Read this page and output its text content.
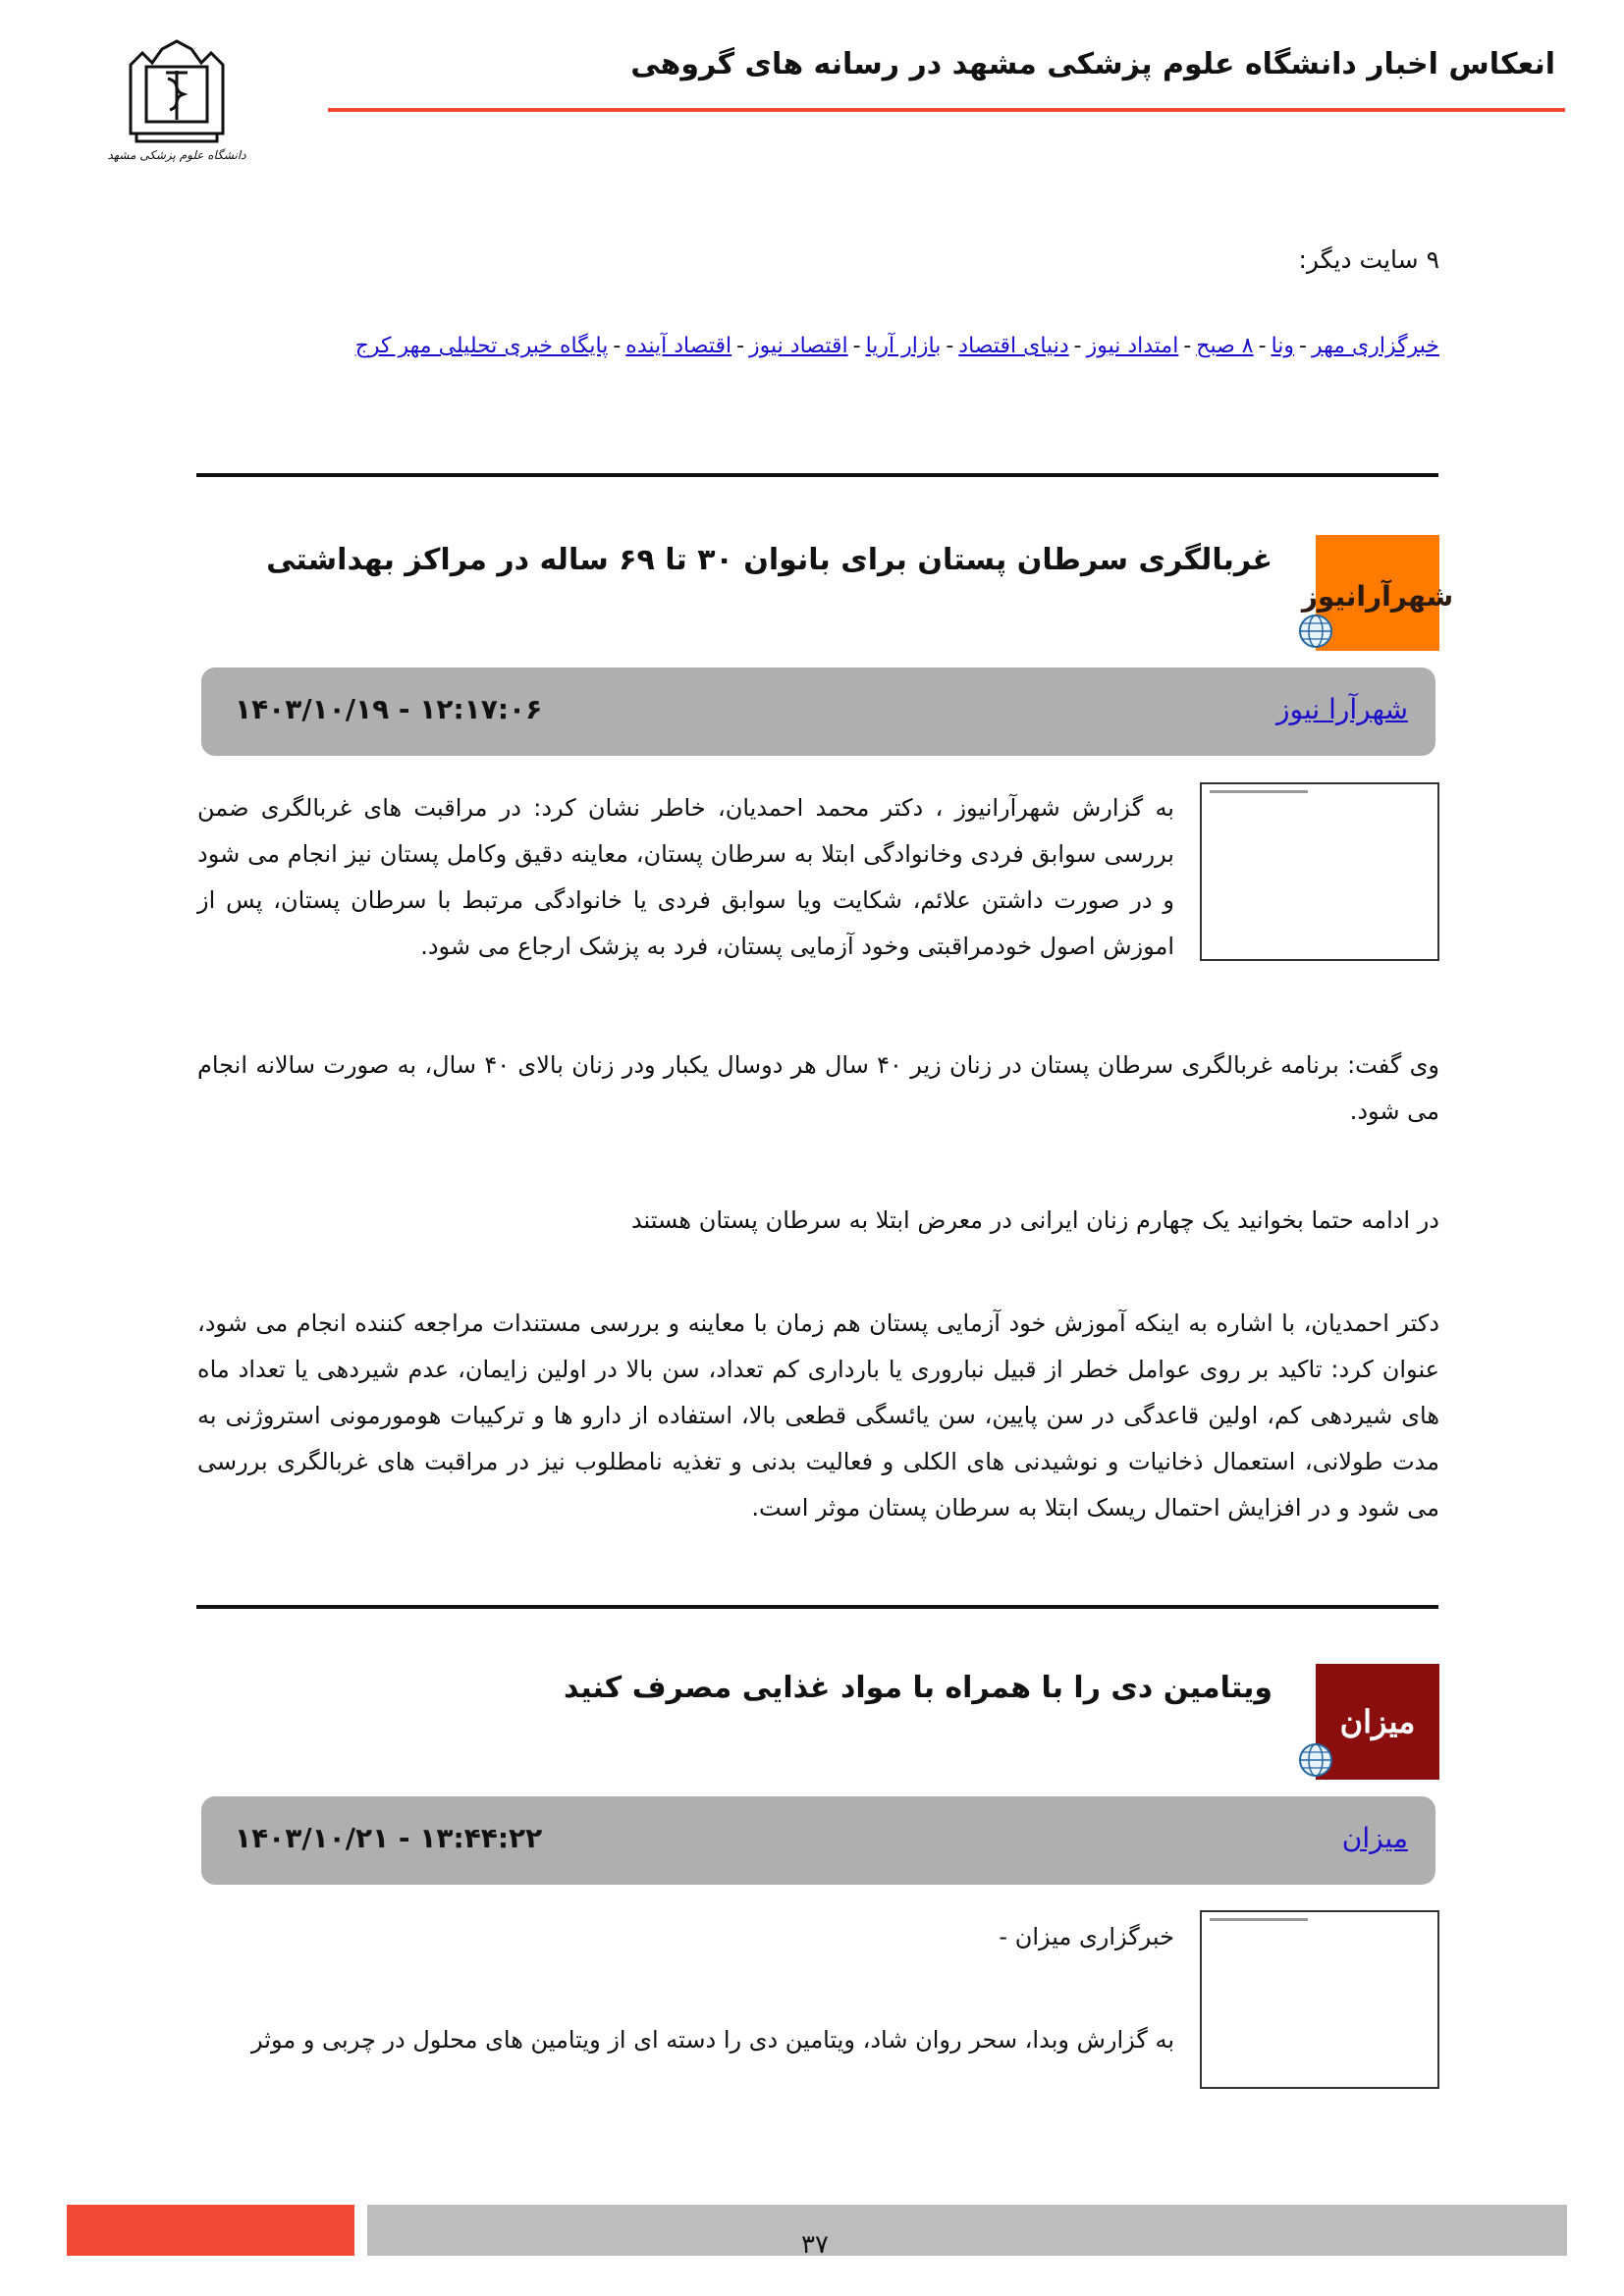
انعکاس اخبار دانشگاه علوم پزشکی مشهد در رسانه های گروهی
دانشگاه علوم پزشکی مشهد
۹ سایت دیگر:
خبرگزاری مهر-ونا-۸ صبح-امتداد نیوز-دنیای اقتصاد-بازار آریا-اقتصاد نیوز-اقتصاد آینده-پایگاه خبری تحلیلی مهر کرج
شهرآرانیوز
غربالگری سرطان پستان برای بانوان ۳۰ تا ۶۹ ساله در مراکز بهداشتی
شهرآرا نیوز
۱۴۰۳/۱۰/۱۹ - ۱۲:۱۷:۰۶
به گزارش شهرآرانیوز ، دکتر محمد احمدیان، خاطر نشان کرد: در مراقبت های غربالگری ضمن بررسی سوابق فردی وخانوادگی ابتلا به سرطان پستان، معاینه دقیق وکامل پستان نیز انجام می شود و در صورت داشتن علائم، شکایت ویا سوابق فردی یا خانوادگی مرتبط با سرطان پستان، پس از اموزش اصول خودمراقبتی وخود آزمایی پستان، فرد به پزشک ارجاع می شود.
وی گفت: برنامه غربالگری سرطان پستان در زنان زیر ۴۰ سال هر دوسال یکبار ودر زنان بالای ۴۰ سال، به صورت سالانه انجام می شود.
در ادامه حتما بخوانید یک چهارم زنان ایرانی در معرض ابتلا به سرطان پستان هستند
دکتر احمدیان، با اشاره به اینکه آموزش خود آزمایی پستان هم زمان با معاینه و بررسی مستندات مراجعه کننده انجام می شود، عنوان کرد: تاکید بر روی عوامل خطر از قبیل نباروری یا بارداری کم تعداد، سن بالا در اولین زایمان، عدم شیردهی یا تعداد ماه های شیردهی کم، اولین قاعدگی در سن پایین، سن یائسگی قطعی بالا، استفاده از دارو ها و ترکیبات هومورمونی استروژنی به مدت طولانی، استعمال ذخانیات و نوشیدنی های الکلی و فعالیت بدنی و تغذیه نامطلوب نیز در مراقبت های غربالگری بررسی می شود و در افزایش احتمال ریسک ابتلا به سرطان پستان موثر است.
میزان
ویتامین دی را با همراه با مواد غذایی مصرف کنید
میزان
۱۴۰۳/۱۰/۲۱ - ۱۳:۴۴:۲۲
خبرگزاری میزان -
به گزارش وبدا، سحر روان شاد، ویتامین دی را دسته ای از ویتامین های محلول در چربی و موثر
۳۷
